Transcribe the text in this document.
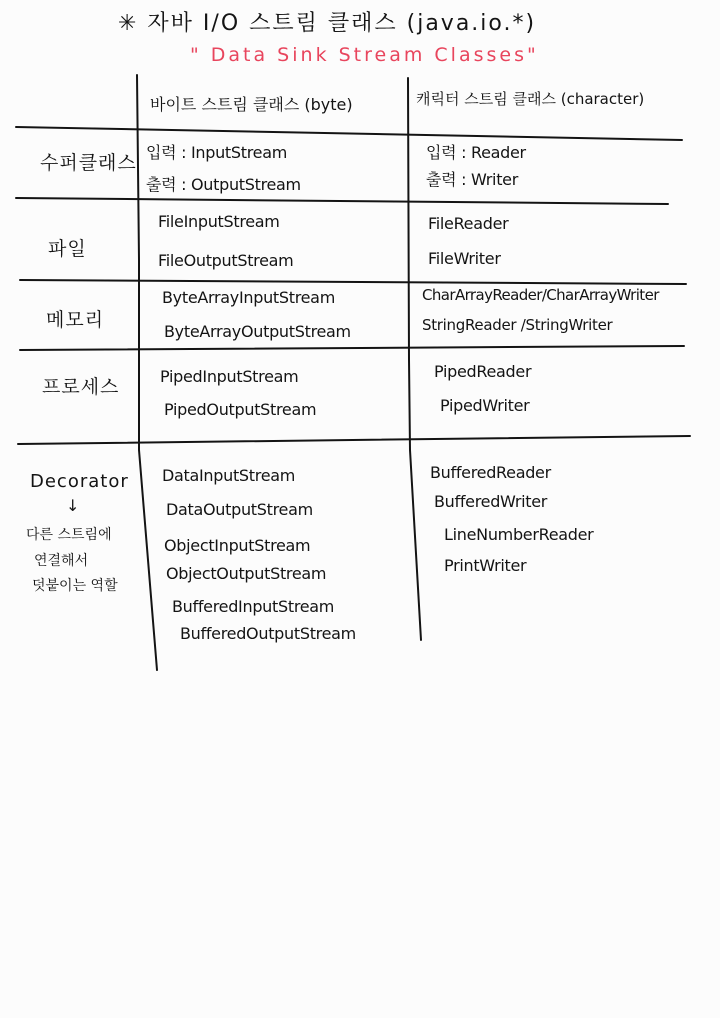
✳ 자바 I/O 스트림 클래스 (java.io.*)
" Data Sink Stream Classes"
바이트 스트림 클래스 (byte)	캐릭터 스트림 클래스 (character)
수퍼클래스 입력 : InputStream
출력 : OutputStream
입력 : Reader
출력 : Writer
파일
FileInputStream
FileOutputStream
FileReader
FileWriter
메모리
ByteArrayInputStream
ByteArrayOutputStream
CharArrayReader/CharArrayWriter
StringReader /StringWriter
프로세스	PipedInputStream
PipedOutputStream
PipedReader
PipedWriter
Decorator
↓
다른 스트림에
연결해서
덧붙이는 역할
DataInputStream
DataOutputStream
ObjectInputStream
ObjectOutputStream
BufferedInputStream
BufferedOutputStream
BufferedReader
BufferedWriter
LineNumberReader
PrintWriter
